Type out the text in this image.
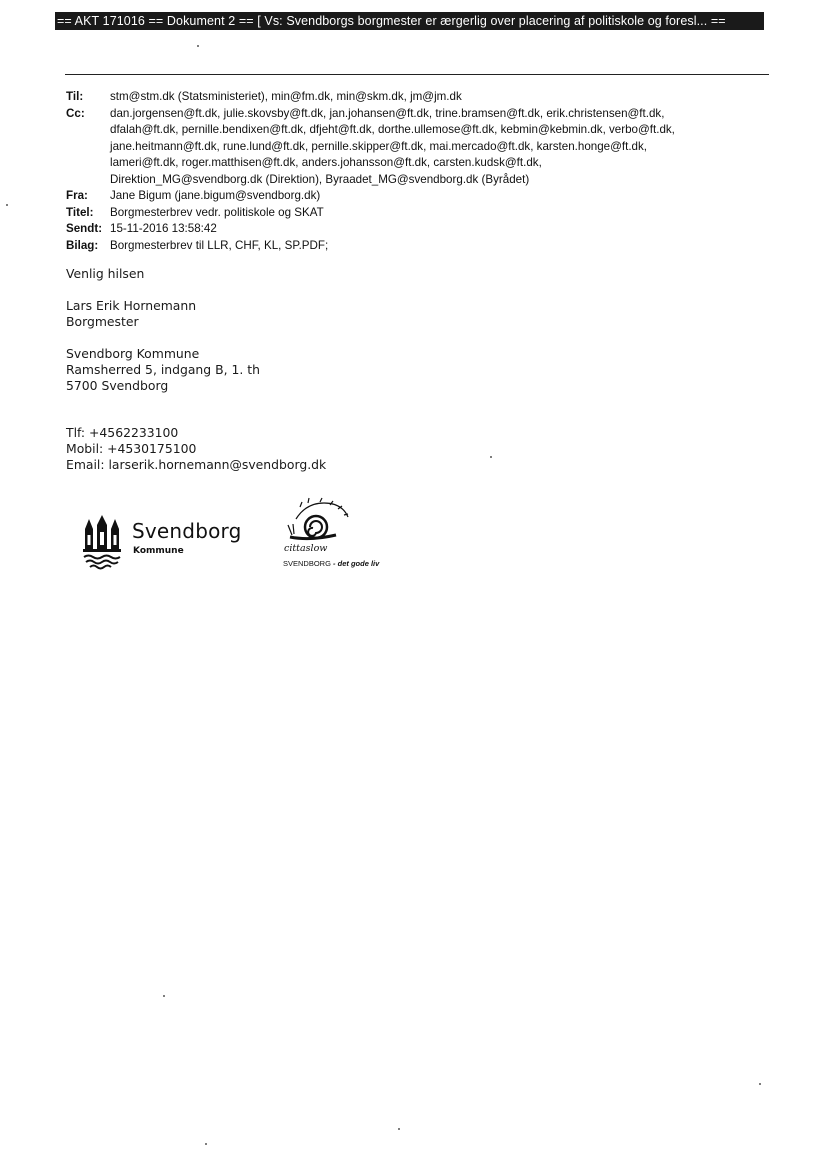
== AKT 171016 == Dokument 2 == [ Vs: Svendborgs borgmester er ærgerlig over placering af politiskole og foresl... ==
Til:	stm@stm.dk (Statsministeriet), min@fm.dk, min@skm.dk, jm@jm.dk
Cc:	dan.jorgensen@ft.dk, julie.skovsby@ft.dk, jan.johansen@ft.dk, trine.bramsen@ft.dk, erik.christensen@ft.dk,
dfalah@ft.dk, pernille.bendixen@ft.dk, dfjeht@ft.dk, dorthe.ullemose@ft.dk, kebmin@kebmin.dk, verbo@ft.dk,
jane.heitmann@ft.dk, rune.lund@ft.dk, pernille.skipper@ft.dk, mai.mercado@ft.dk, karsten.honge@ft.dk,
lameri@ft.dk, roger.matthisen@ft.dk, anders.johansson@ft.dk, carsten.kudsk@ft.dk,
Direktion_MG@svendborg.dk (Direktion), Byraadet_MG@svendborg.dk (Byrådet)
Fra:	Jane Bigum (jane.bigum@svendborg.dk)
Titel:	Borgmesterbrev vedr. politiskole og SKAT
Sendt: 15-11-2016 13:58:42
Bilag:	Borgmesterbrev til LLR, CHF, KL, SP.PDF;

Venlig hilsen

Lars Erik Hornemann

Borgmester

Svendborg Kommune

Ramsherred 5, indgang B, 1. th

5700 Svendborg

Tlf: +4562233100

Mobil: +4530175100

Email: larserik.hornemann@svendborg.dk

Svendborg
Kommune	cittaslow
SVENDBORG - det gode liv
